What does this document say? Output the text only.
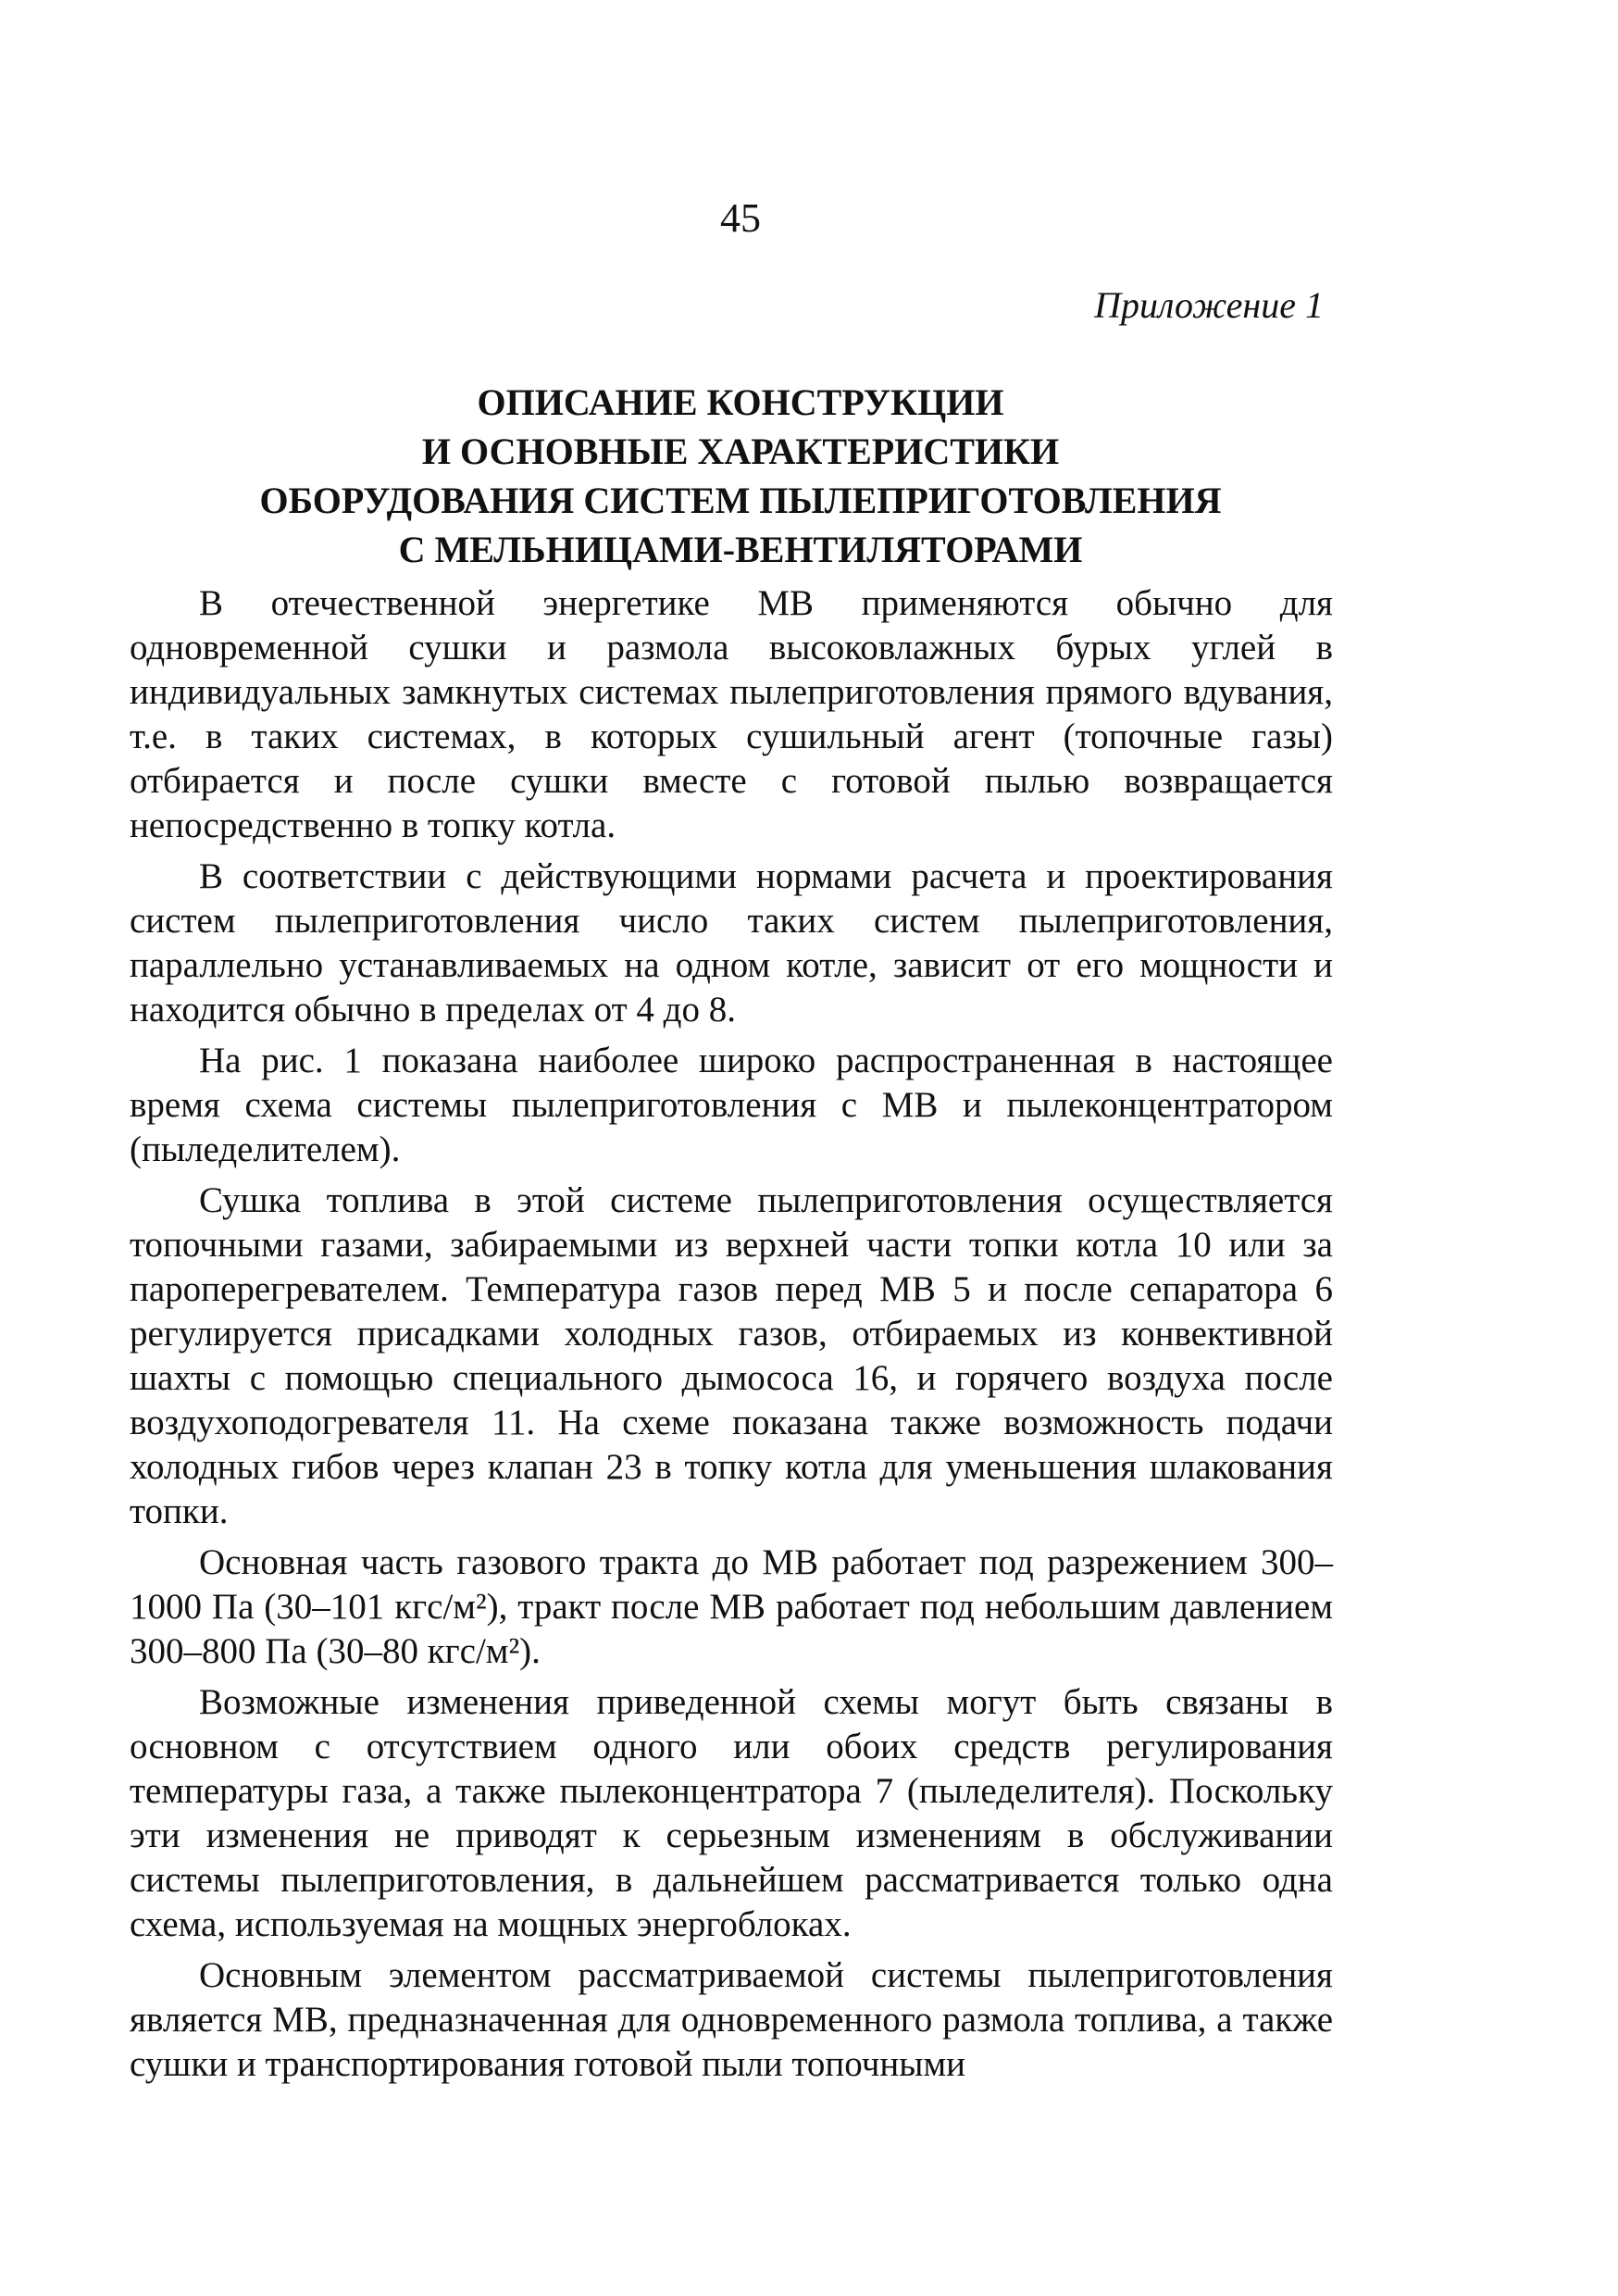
45
Приложение 1
ОПИСАНИЕ КОНСТРУКЦИИ
И ОСНОВНЫЕ ХАРАКТЕРИСТИКИ
ОБОРУДОВАНИЯ СИСТЕМ ПЫЛЕПРИГОТОВЛЕНИЯ
С МЕЛЬНИЦАМИ-ВЕНТИЛЯТОРАМИ

В отечественной энергетике МВ применяются обычно для одновременной сушки и размола высоковлажных бурых углей в индивидуальных замкнутых системах пылеприготовления прямого вдувания, т.е. в таких системах, в которых сушильный агент (топочные газы) отбирается и после сушки вместе с готовой пылью возвращается непосредственно в топку котла.

В соответствии с действующими нормами расчета и проектирования систем пылеприготовления число таких систем пылеприготовления, параллельно устанавливаемых на одном котле, зависит от его мощности и находится обычно в пределах от 4 до 8.

На рис. 1 показана наиболее широко распространенная в настоящее время схема системы пылеприготовления с МВ и пылеконцентратором (пыледелителем).

Сушка топлива в этой системе пылеприготовления осуществляется топочными газами, забираемыми из верхней части топки котла 10 или за пароперегревателем. Температура газов перед МВ 5 и после сепаратора 6 регулируется присадками холодных газов, отбираемых из конвективной шахты с помощью специального дымососа 16, и горячего воздуха после воздухоподогревателя 11. На схеме показана также возможность подачи холодных гибов через клапан 23 в топку котла для уменьшения шлакования топки.

Основная часть газового тракта до МВ работает под разрежением 300–1000 Па (30–101 кгс/м²), тракт после МВ работает под небольшим давлением 300–800 Па (30–80 кгс/м²).

Возможные изменения приведенной схемы могут быть связаны в основном с отсутствием одного или обоих средств регулирования температуры газа, а также пылеконцентратора 7 (пыледелителя). Поскольку эти изменения не приводят к серьезным изменениям в обслуживании системы пылеприготовления, в дальнейшем рассматривается только одна схема, используемая на мощных энергоблоках.

Основным элементом рассматриваемой системы пылеприготовления является МВ, предназначенная для одновременного размола топлива, а также сушки и транспортирования готовой пыли топочными
